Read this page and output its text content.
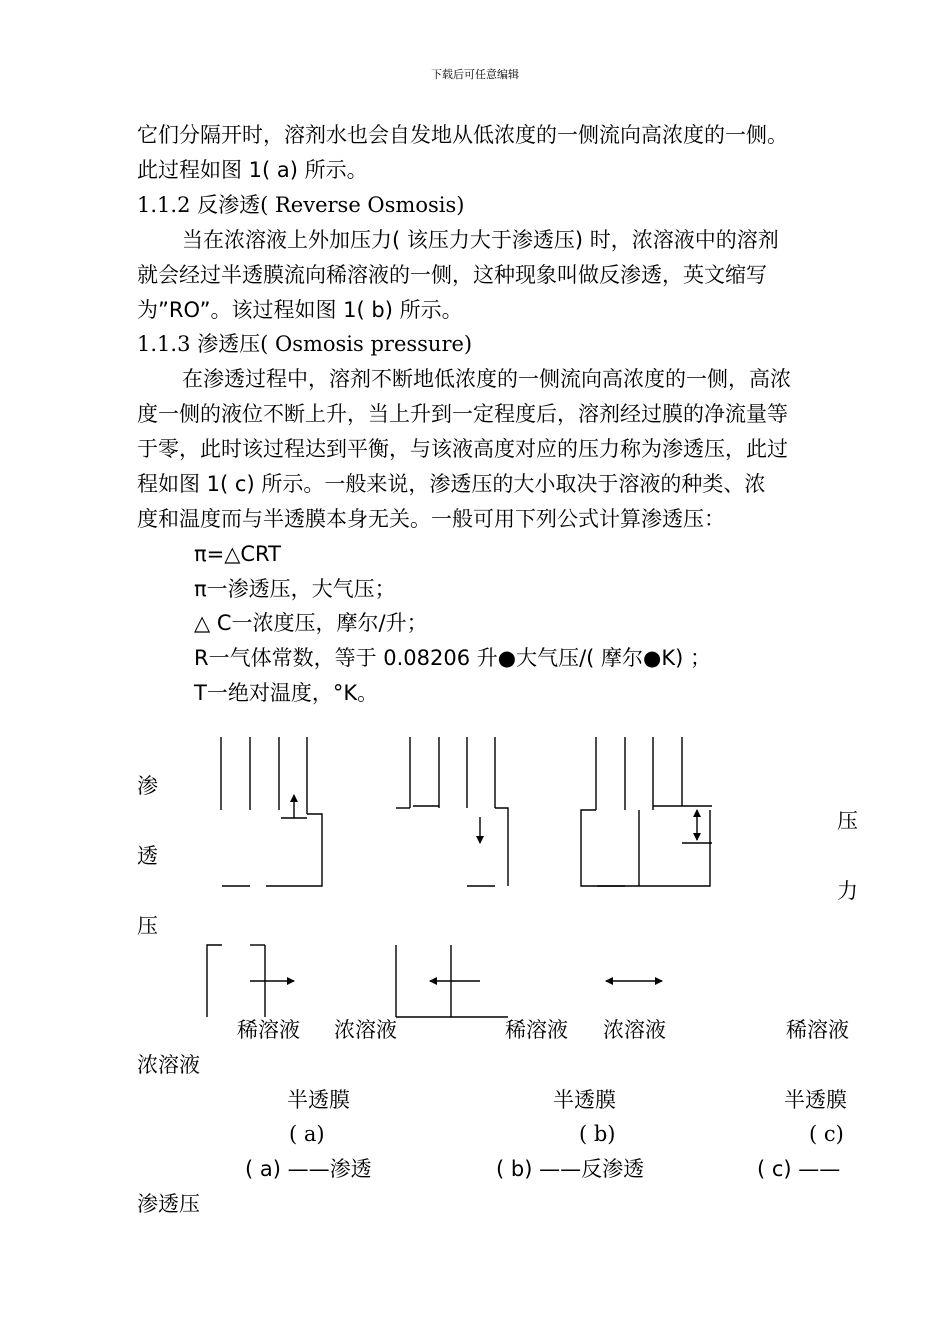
下载后可任意编辑
它们分隔开时，溶剂水也会自发地从低浓度的一侧流向高浓度的一侧。
此过程如图 1( a) 所示。
1.1.2 反渗透( Reverse Osmosis)
当在浓溶液上外加压力( 该压力大于渗透压) 时，浓溶液中的溶剂
就会经过半透膜流向稀溶液的一侧，这种现象叫做反渗透，英文缩写
为”RO”。该过程如图 1( b) 所示。
1.1.3 渗透压( Osmosis pressure)
在渗透过程中，溶剂不断地低浓度的一侧流向高浓度的一侧，高浓
度一侧的液位不断上升，当上升到一定程度后，溶剂经过膜的净流量等
于零，此时该过程达到平衡，与该液高度对应的压力称为渗透压，此过
程如图 1( c) 所示。一般来说，渗透压的大小取决于溶液的种类、浓
度和温度而与半透膜本身无关。一般可用下列公式计算渗透压：
π=△CRT
π一渗透压，大气压；
△ C一浓度压，摩尔/升；
R一气体常数，等于 0.08206 升●大气压/( 摩尔●K) ；
T一绝对温度，°K。
渗
透
压
压
力
稀溶液 浓溶液	稀溶液 浓溶液	稀溶液
浓溶液
半透膜	半透膜	半透膜
( a)	( b)	( c)
( a) ——渗透	( b) ——反渗透	( c) ——
渗透压
